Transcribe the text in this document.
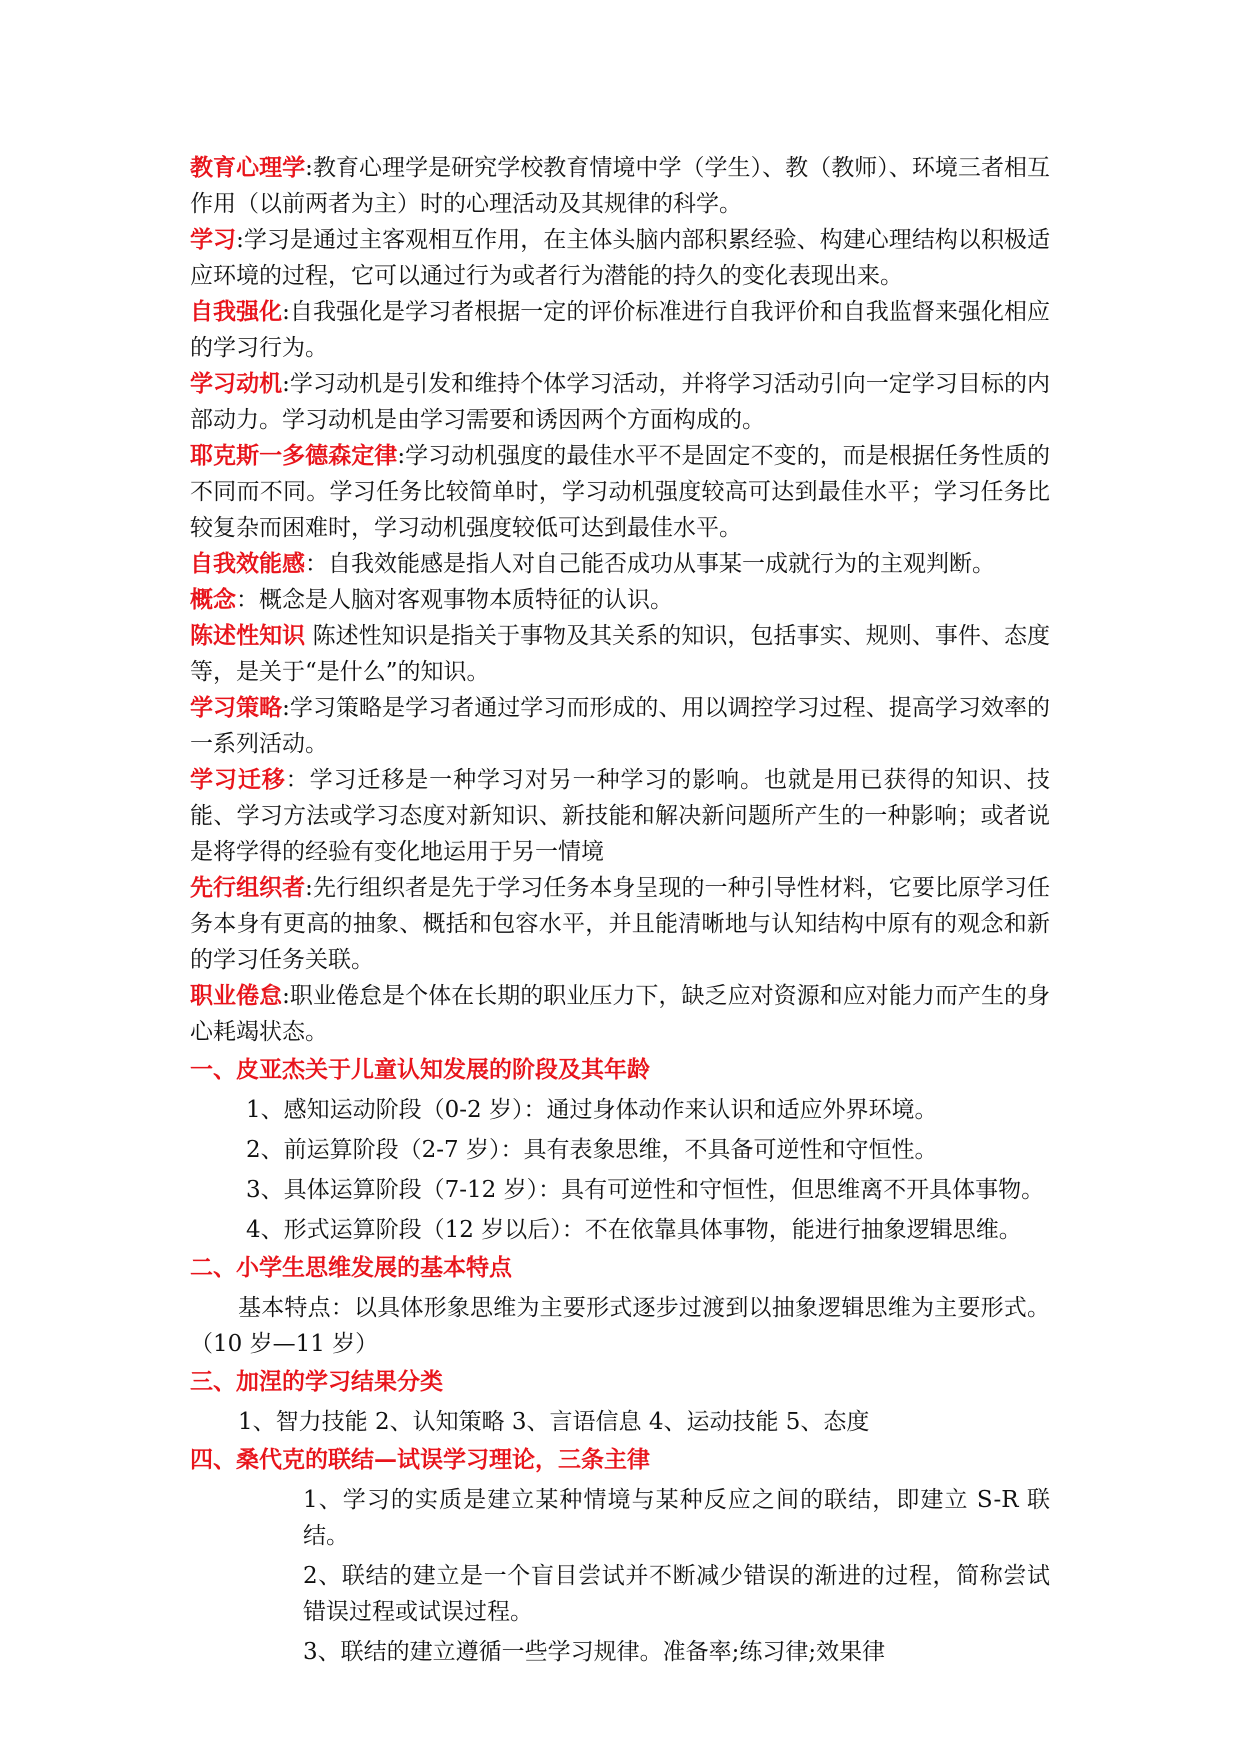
教育心理学:教育心理学是研究学校教育情境中学（学生）、教（教师）、环境三者相互作用（以前两者为主）时的心理活动及其规律的科学。

学习:学习是通过主客观相互作用，在主体头脑内部积累经验、构建心理结构以积极适应环境的过程，它可以通过行为或者行为潜能的持久的变化表现出来。

自我强化:自我强化是学习者根据一定的评价标准进行自我评价和自我监督来强化相应的学习行为。

学习动机:学习动机是引发和维持个体学习活动，并将学习活动引向一定学习目标的内部动力。学习动机是由学习需要和诱因两个方面构成的。

耶克斯一多德森定律:学习动机强度的最佳水平不是固定不变的，而是根据任务性质的不同而不同。学习任务比较简单时，学习动机强度较高可达到最佳水平；学习任务比较复杂而困难时，学习动机强度较低可达到最佳水平。

自我效能感：自我效能感是指人对自己能否成功从事某一成就行为的主观判断。

概念：概念是人脑对客观事物本质特征的认识。

陈述性知识 陈述性知识是指关于事物及其关系的知识，包括事实、规则、事件、态度等，是关于“是什么”的知识。

学习策略:学习策略是学习者通过学习而形成的、用以调控学习过程、提高学习效率的一系列活动。

学习迁移：学习迁移是一种学习对另一种学习的影响。也就是用已获得的知识、技能、学习方法或学习态度对新知识、新技能和解决新问题所产生的一种影响；或者说是将学得的经验有变化地运用于另一情境

先行组织者:先行组织者是先于学习任务本身呈现的一种引导性材料，它要比原学习任务本身有更高的抽象、概括和包容水平，并且能清晰地与认知结构中原有的观念和新的学习任务关联。

职业倦怠:职业倦怠是个体在长期的职业压力下，缺乏应对资源和应对能力而产生的身心耗竭状态。

一、皮亚杰关于儿童认知发展的阶段及其年龄

1、感知运动阶段（0-2 岁）：通过身体动作来认识和适应外界环境。

2、前运算阶段（2-7 岁）：具有表象思维，不具备可逆性和守恒性。

3、具体运算阶段（7-12 岁）：具有可逆性和守恒性，但思维离不开具体事物。

4、形式运算阶段（12 岁以后）：不在依靠具体事物，能进行抽象逻辑思维。

二、小学生思维发展的基本特点

基本特点：以具体形象思维为主要形式逐步过渡到以抽象逻辑思维为主要形式。（10 岁—11 岁）

三、加涅的学习结果分类

1、智力技能 2、认知策略 3、言语信息 4、运动技能 5、态度

四、桑代克的联结—试误学习理论，三条主律

1、学习的实质是建立某种情境与某种反应之间的联结，即建立 S-R 联结。

2、联结的建立是一个盲目尝试并不断减少错误的渐进的过程，简称尝试错误过程或试误过程。

3、联结的建立遵循一些学习规律。准备率;练习律;效果律
